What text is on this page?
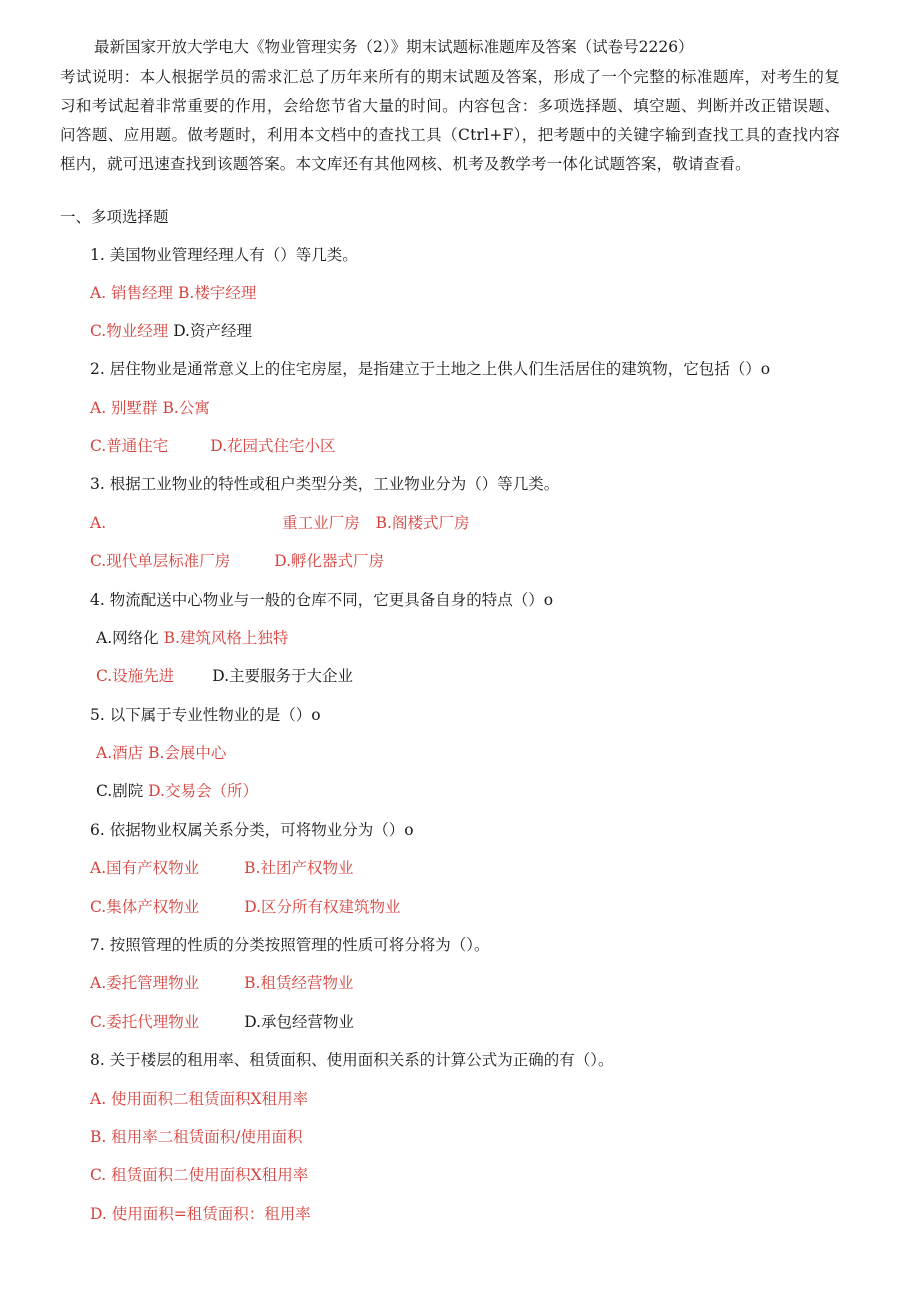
最新国家开放大学电大《物业管理实务（2）》期末试题标准题库及答案（试卷号2226）
考试说明：本人根据学员的需求汇总了历年来所有的期末试题及答案，形成了一个完整的标准题库，对考生的复习和考试起着非常重要的作用，会给您节省大量的时间。内容包含：多项选择题、填空题、判断并改正错误题、问答题、应用题。做考题时，利用本文档中的查找工具（Ctrl+F），把考题中的关键字输到查找工具的查找内容框内，就可迅速查找到该题答案。本文库还有其他网核、机考及教学考一体化试题答案，敬请查看。
一、多项选择题
1. 美国物业管理经理人有（）等几类。
A. 销售经理 B.楼宇经理
C.物业经理 D.资产经理
2. 居住物业是通常意义上的住宅房屋，是指建立于土地之上供人们生活居住的建筑物，它包括（）o
A. 别墅群 B.公寓
C.普通住宅	D.花园式住宅小区
3. 根据工业物业的特性或租户类型分类，工业物业分为（）等几类。
A.	重工业厂房 B.阁楼式厂房
C.现代单层标准厂房	D.孵化器式厂房
4. 物流配送中心物业与一般的仓库不同，它更具备自身的特点（）o
A.网络化 B.建筑风格上独特
C.设施先进 D.主要服务于大企业
5. 以下属于专业性物业的是（）o
A.酒店 B.会展中心
C.剧院 D.交易会（所）
6. 依据物业权属关系分类，可将物业分为（）o
A.国有产权物业	B.社团产权物业
C.集体产权物业	D.区分所有权建筑物业
7. 按照管理的性质的分类按照管理的性质可将分将为（）。
A.委托管理物业	B.租赁经营物业
C.委托代理物业	D.承包经营物业
8. 关于楼层的租用率、租赁面积、使用面积关系的计算公式为正确的有（）。
A. 使用面积二租赁面积X租用率
B. 租用率二租赁面积/使用面积
C. 租赁面积二使用面积X租用率
D. 使用面积=租赁面积：租用率
